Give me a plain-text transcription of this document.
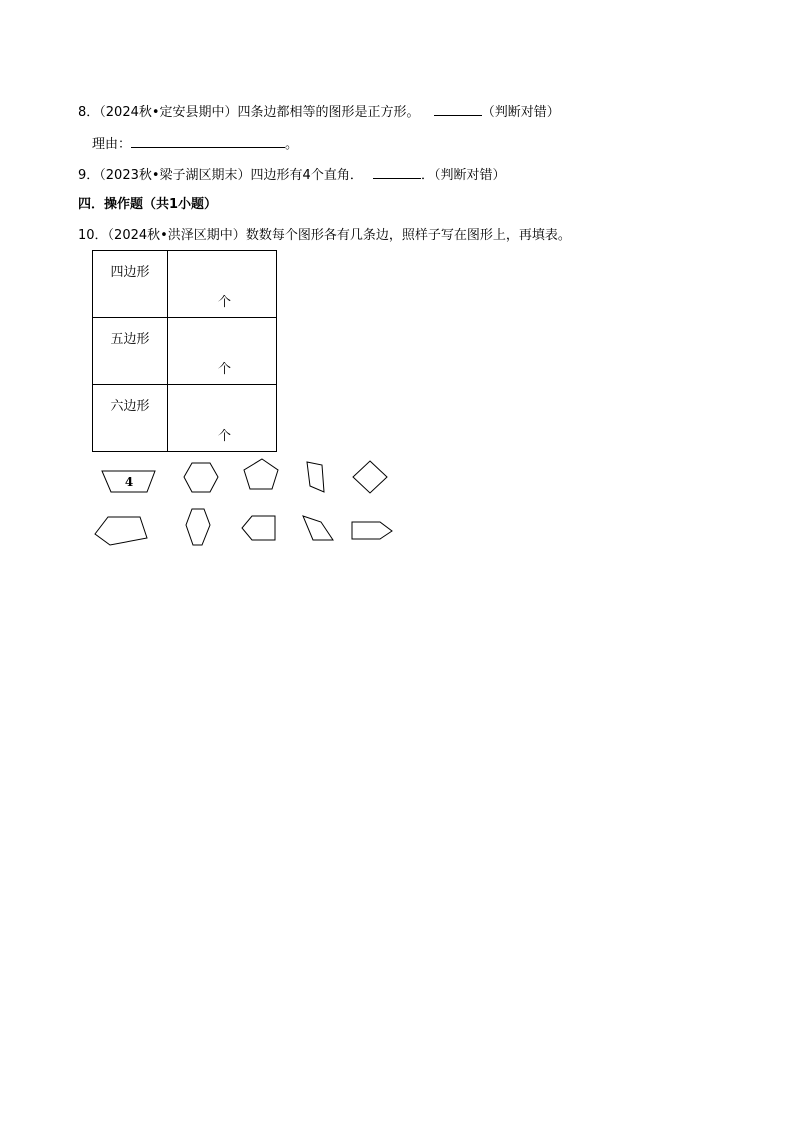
8．（2024秋•定安县期中）四条边都相等的图形是正方形。	（判断对错）
理由：	。
9．（2023秋•梁子湖区期末）四边形有4个直角．	．（判断对错）
四．操作题（共1小题）
10．（2024秋•洪泽区期中）数数每个图形各有几条边，照样子写在图形上，再填表。
四边形	个

五边形	个

六边形	个
4
